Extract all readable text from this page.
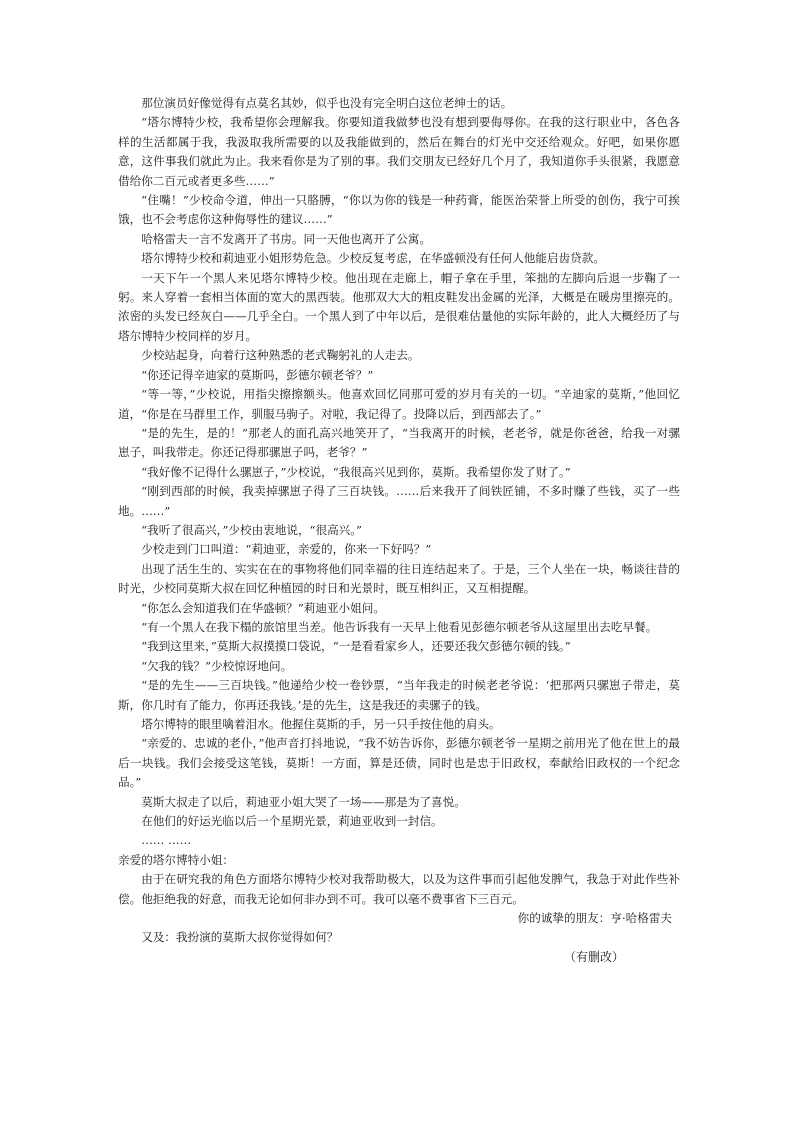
那位演员好像觉得有点莫名其妙，似乎也没有完全明白这位老绅士的话。

“塔尔博特少校，我希望你会理解我。你要知道我做梦也没有想到要侮辱你。在我的这行职业中，各色各样的生活都属于我，我汲取我所需要的以及我能做到的，然后在舞台的灯光中交还给观众。好吧，如果你愿意，这件事我们就此为止。我来看你是为了别的事。我们交朋友已经好几个月了，我知道你手头很紧，我愿意借给你二百元或者更多些……”

“住嘴！”少校命令道，伸出一只胳膊，“你以为你的钱是一种药膏，能医治荣誉上所受的创伤，我宁可挨饿，也不会考虑你这种侮辱性的建议……”

哈格雷夫一言不发离开了书房。同一天他也离开了公寓。

塔尔博特少校和莉迪亚小姐形势危急。少校反复考虑，在华盛顿没有任何人他能启齿贷款。

一天下午一个黑人来见塔尔博特少校。他出现在走廊上，帽子拿在手里，笨拙的左脚向后退一步鞠了一躬。来人穿着一套相当体面的宽大的黑西装。他那双大大的粗皮鞋发出金属的光泽，大概是在暖房里擦亮的。浓密的头发已经灰白——几乎全白。一个黑人到了中年以后，是很难估量他的实际年龄的，此人大概经历了与塔尔博特少校同样的岁月。

少校站起身，向着行这种熟悉的老式鞠躬礼的人走去。

“你还记得辛迪家的莫斯吗，彭德尔顿老爷？”

“等一等，”少校说，用指尖擦擦额头。他喜欢回忆同那可爱的岁月有关的一切。“辛迪家的莫斯，”他回忆道，“你是在马群里工作，驯服马驹子。对啦，我记得了。投降以后，到西部去了。”

“是的先生，是的！”那老人的面孔高兴地笑开了，“当我离开的时候，老老爷，就是你爸爸，给我一对骡崽子，叫我带走。你还记得那骡崽子吗，老爷？”

“我好像不记得什么骡崽子，”少校说，“我很高兴见到你，莫斯。我希望你发了财了。”

“刚到西部的时候，我卖掉骡崽子得了三百块钱。……后来我开了间铁匠铺，不多时赚了些钱，买了一些地。……”

“我听了很高兴，”少校由衷地说，“很高兴。”

少校走到门口叫道：“莉迪亚，亲爱的，你来一下好吗？”

出现了活生生的、实实在在的事物将他们同幸福的往日连结起来了。于是，三个人坐在一块，畅谈往昔的时光，少校同莫斯大叔在回忆种植园的时日和光景时，既互相纠正，又互相提醒。

“你怎么会知道我们在华盛顿？”莉迪亚小姐问。

“有一个黑人在我下榻的旅馆里当差。他告诉我有一天早上他看见彭德尔顿老爷从这屋里出去吃早餐。

“我到这里来，”莫斯大叔摸摸口袋说，“一是看看家乡人，还要还我欠彭德尔顿的钱。”

“欠我的钱？”少校惊讶地问。

“是的先生——三百块钱。”他递给少校一卷钞票，“当年我走的时候老老爷说：‘把那两只骡崽子带走，莫斯，你几时有了能力，你再还我钱。’是的先生，这是我还的卖骡子的钱。

塔尔博特的眼里噙着泪水。他握住莫斯的手，另一只手按住他的肩头。

“亲爱的、忠诚的老仆，”他声音打抖地说，“我不妨告诉你，彭德尔顿老爷一星期之前用光了他在世上的最后一块钱。我们会接受这笔钱，莫斯！一方面，算是还债，同时也是忠于旧政权，奉献给旧政权的一个纪念品。”

莫斯大叔走了以后，莉迪亚小姐大哭了一场——那是为了喜悦。

在他们的好运光临以后一个星期光景，莉迪亚收到一封信。

…… ……

亲爱的塔尔博特小姐：

由于在研究我的角色方面塔尔博特少校对我帮助极大，以及为这件事而引起他发脾气，我急于对此作些补偿。他拒绝我的好意，而我无论如何非办到不可。我可以毫不费事省下三百元。

你的诚挚的朋友：亨·哈格雷夫

又及：我扮演的莫斯大叔你觉得如何？

（有删改）
